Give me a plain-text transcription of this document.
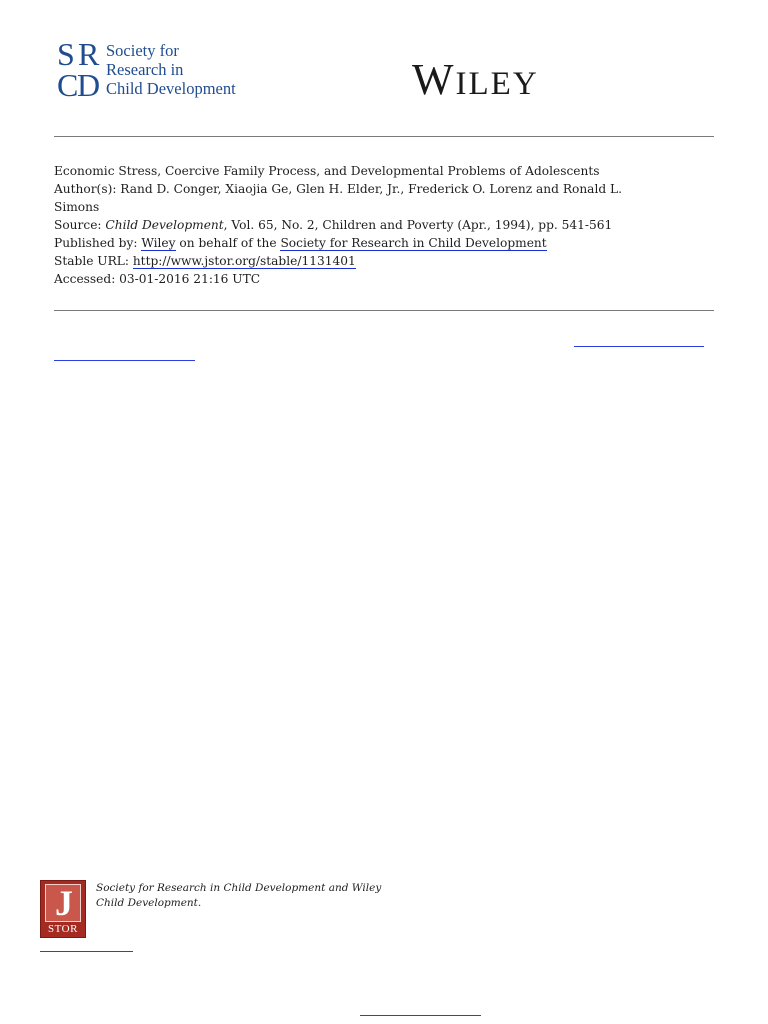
S R
C
D
Society for
Research in
Child Development	WILEY
Economic Stress, Coercive Family Process, and Developmental Problems of Adolescents
Author(s): Rand D. Conger, Xiaojia Ge, Glen H. Elder, Jr., Frederick O. Lorenz and Ronald L.
Simons
Source: Child Development, Vol. 65, No. 2, Children and Poverty (Apr., 1994), pp. 541-561
Published by: Wiley on behalf of the Society for Research in Child Development
Stable URL: http://www.jstor.org/stable/1131401
Accessed: 03-01-2016 21:16 UTC
J
STOR
Society for Research in Child Development and Wiley
Child Development.
